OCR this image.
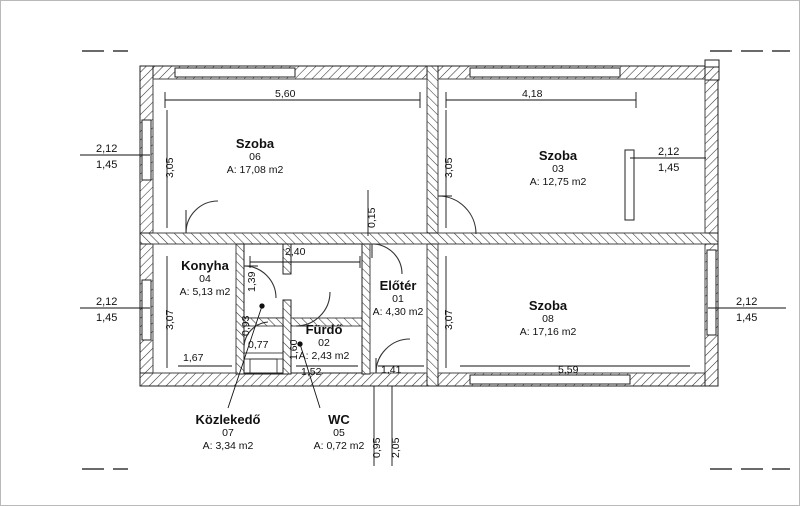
Szoba
06
A: 17,08 m2
Szoba
03
A: 12,75 m2
Konyha
04
A: 5,13 m2	Előtér
01
A: 4,30 m2	Szoba
08
A: 17,16 m2
Fürdő
02
A: 2,43 m2
Közlekedő
07
A: 3,34 m2
WC
05
A: 0,72 m2
5,60	4,18
2,40
1,67
5,59
1,41
1,52
0,77
3,05	3,05
3,07	3,07
0,15
1,39
0,93
1,60
0,95 2,05
2,12
1,45
2,12
1,45
2,12
1,45
2,12
1,45
